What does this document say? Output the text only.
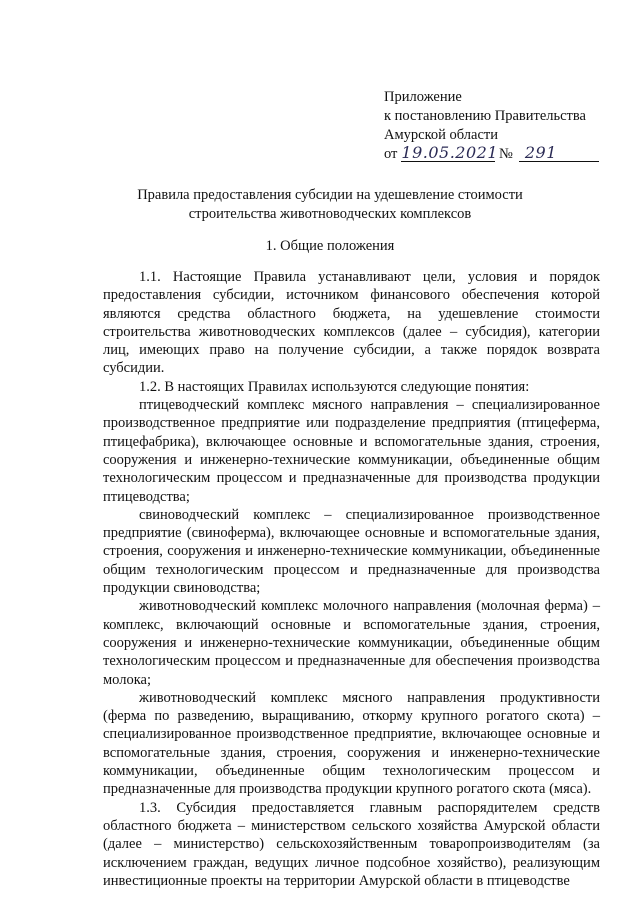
Приложение
к постановлению Правительства
Амурской области
от 19.05.2021 № 291
Правила предоставления субсидии на удешевление стоимости
строительства животноводческих комплексов
1. Общие положения

1.1. Настоящие Правила устанавливают цели, условия и порядок предоставления субсидии, источником финансового обеспечения которой являются средства областного бюджета, на удешевление стоимости строительства животноводческих комплексов (далее – субсидия), категории лиц, имеющих право на получение субсидии, а также порядок возврата субсидии.

1.2. В настоящих Правилах используются следующие понятия:

птицеводческий комплекс мясного направления – специализированное производственное предприятие или подразделение предприятия (птицеферма, птицефабрика), включающее основные и вспомогательные здания, строения, сооружения и инженерно-технические коммуникации, объединенные общим технологическим процессом и предназначенные для производства продукции птицеводства;

свиноводческий комплекс – специализированное производственное предприятие (свиноферма), включающее основные и вспомогательные здания, строения, сооружения и инженерно-технические коммуникации, объединенные общим технологическим процессом и предназначенные для производства продукции свиноводства;

животноводческий комплекс молочного направления (молочная ферма) – комплекс, включающий основные и вспомогательные здания, строения, сооружения и инженерно-технические коммуникации, объединенные общим технологическим процессом и предназначенные для обеспечения производства молока;

животноводческий комплекс мясного направления продуктивности (ферма по разведению, выращиванию, откорму крупного рогатого скота) – специализированное производственное предприятие, включающее основные и вспомогательные здания, строения, сооружения и инженерно-технические коммуникации, объединенные общим технологическим процессом и предназначенные для производства продукции крупного рогатого скота (мяса).

1.3. Субсидия предоставляется главным распорядителем средств областного бюджета – министерством сельского хозяйства Амурской области (далее – министерство) сельскохозяйственным товаропроизводителям (за исключением граждан, ведущих личное подсобное хозяйство), реализующим инвестиционные проекты на территории Амурской области в птицеводстве
